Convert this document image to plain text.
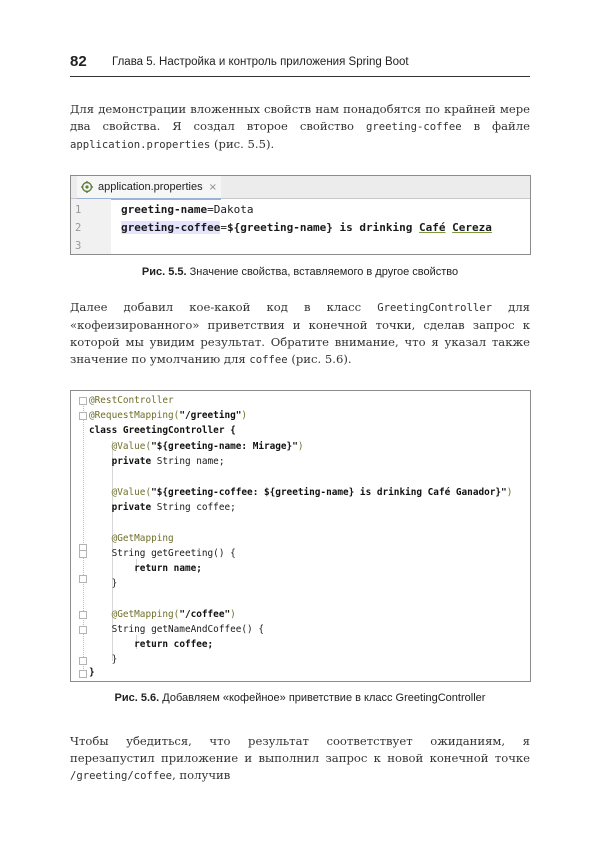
82 Глава 5. Настройка и контроль приложения Spring Boot
Для демонстрации вложенных свойств нам понадобятся по крайней мере два свойства. Я создал второе свойство greeting-coffee в файле application.properties (рис. 5.5).
application.properties ×
1
2
3
greeting-name=Dakota
greeting-coffee=${greeting-name} is drinking Café Cereza
Рис. 5.5. Значение свойства, вставляемого в другое свойство
Далее добавил кое-какой код в класс GreetingController для «кофеизированного» приветствия и конечной точки, сделав запрос к которой мы увидим результат. Обратите внимание, что я указал также значение по умолчанию для coffee (рис. 5.6).
@RestController
@RequestMapping("/greeting")
class GreetingController {
@Value("${greeting-name: Mirage}")
private String name;
@Value("${greeting-coffee: ${greeting-name} is drinking Café Ganador}")
private String coffee;
@GetMapping
String getGreeting() {
return name;
}
@GetMapping("/coffee")
String getNameAndCoffee() {
return coffee;
}
}
Рис. 5.6. Добавляем «кофейное» приветствие в класс GreetingController
Чтобы убедиться, что результат соответствует ожиданиям, я перезапустил приложение и выполнил запрос к новой конечной точке /greeting/coffee, получив
